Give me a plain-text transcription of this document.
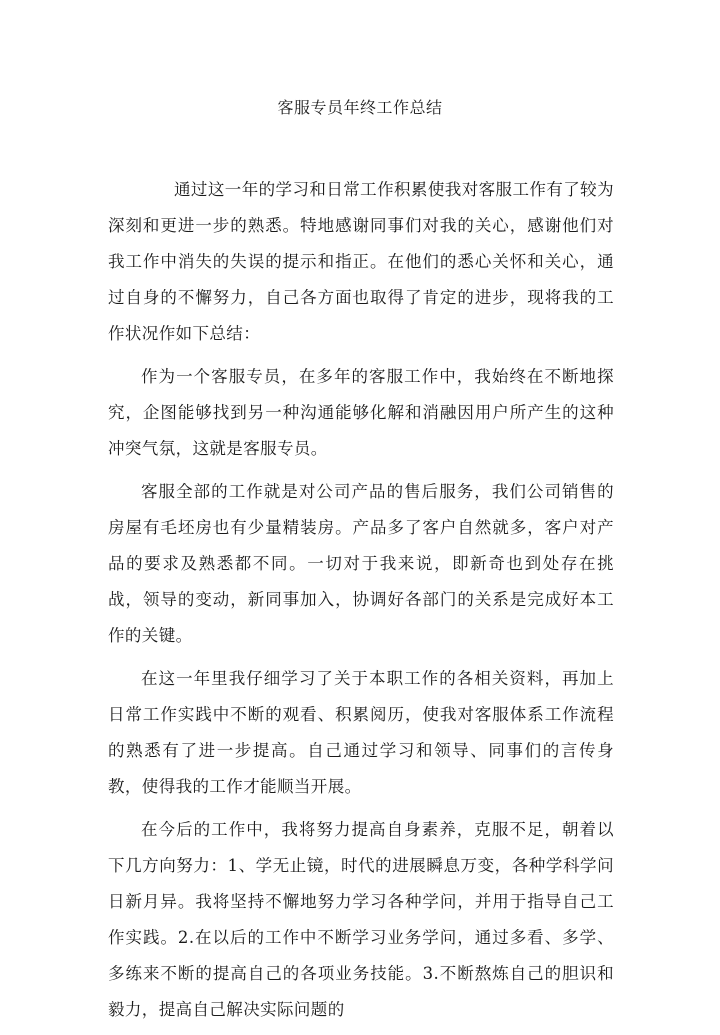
客服专员年终工作总结

通过这一年的学习和日常工作积累使我对客服工作有了较为深刻和更进一步的熟悉。特地感谢同事们对我的关心，感谢他们对我工作中消失的失误的提示和指正。在他们的悉心关怀和关心，通过自身的不懈努力，自己各方面也取得了肯定的进步，现将我的工作状况作如下总结：

作为一个客服专员，在多年的客服工作中，我始终在不断地探究，企图能够找到另一种沟通能够化解和消融因用户所产生的这种冲突气氛，这就是客服专员。

客服全部的工作就是对公司产品的售后服务，我们公司销售的房屋有毛坯房也有少量精装房。产品多了客户自然就多，客户对产品的要求及熟悉都不同。一切对于我来说，即新奇也到处存在挑战，领导的变动，新同事加入，协调好各部门的关系是完成好本工作的关键。

在这一年里我仔细学习了关于本职工作的各相关资料，再加上日常工作实践中不断的观看、积累阅历，使我对客服体系工作流程的熟悉有了进一步提高。自己通过学习和领导、同事们的言传身教，使得我的工作才能顺当开展。

在今后的工作中，我将努力提高自身素养，克服不足，朝着以下几方向努力：1、学无止镜，时代的进展瞬息万变，各种学科学问日新月异。我将坚持不懈地努力学习各种学问，并用于指导自己工作实践。2.在以后的工作中不断学习业务学问，通过多看、多学、多练来不断的提高自己的各项业务技能。3.不断熬炼自己的胆识和毅力，提高自己解决实际问题的
